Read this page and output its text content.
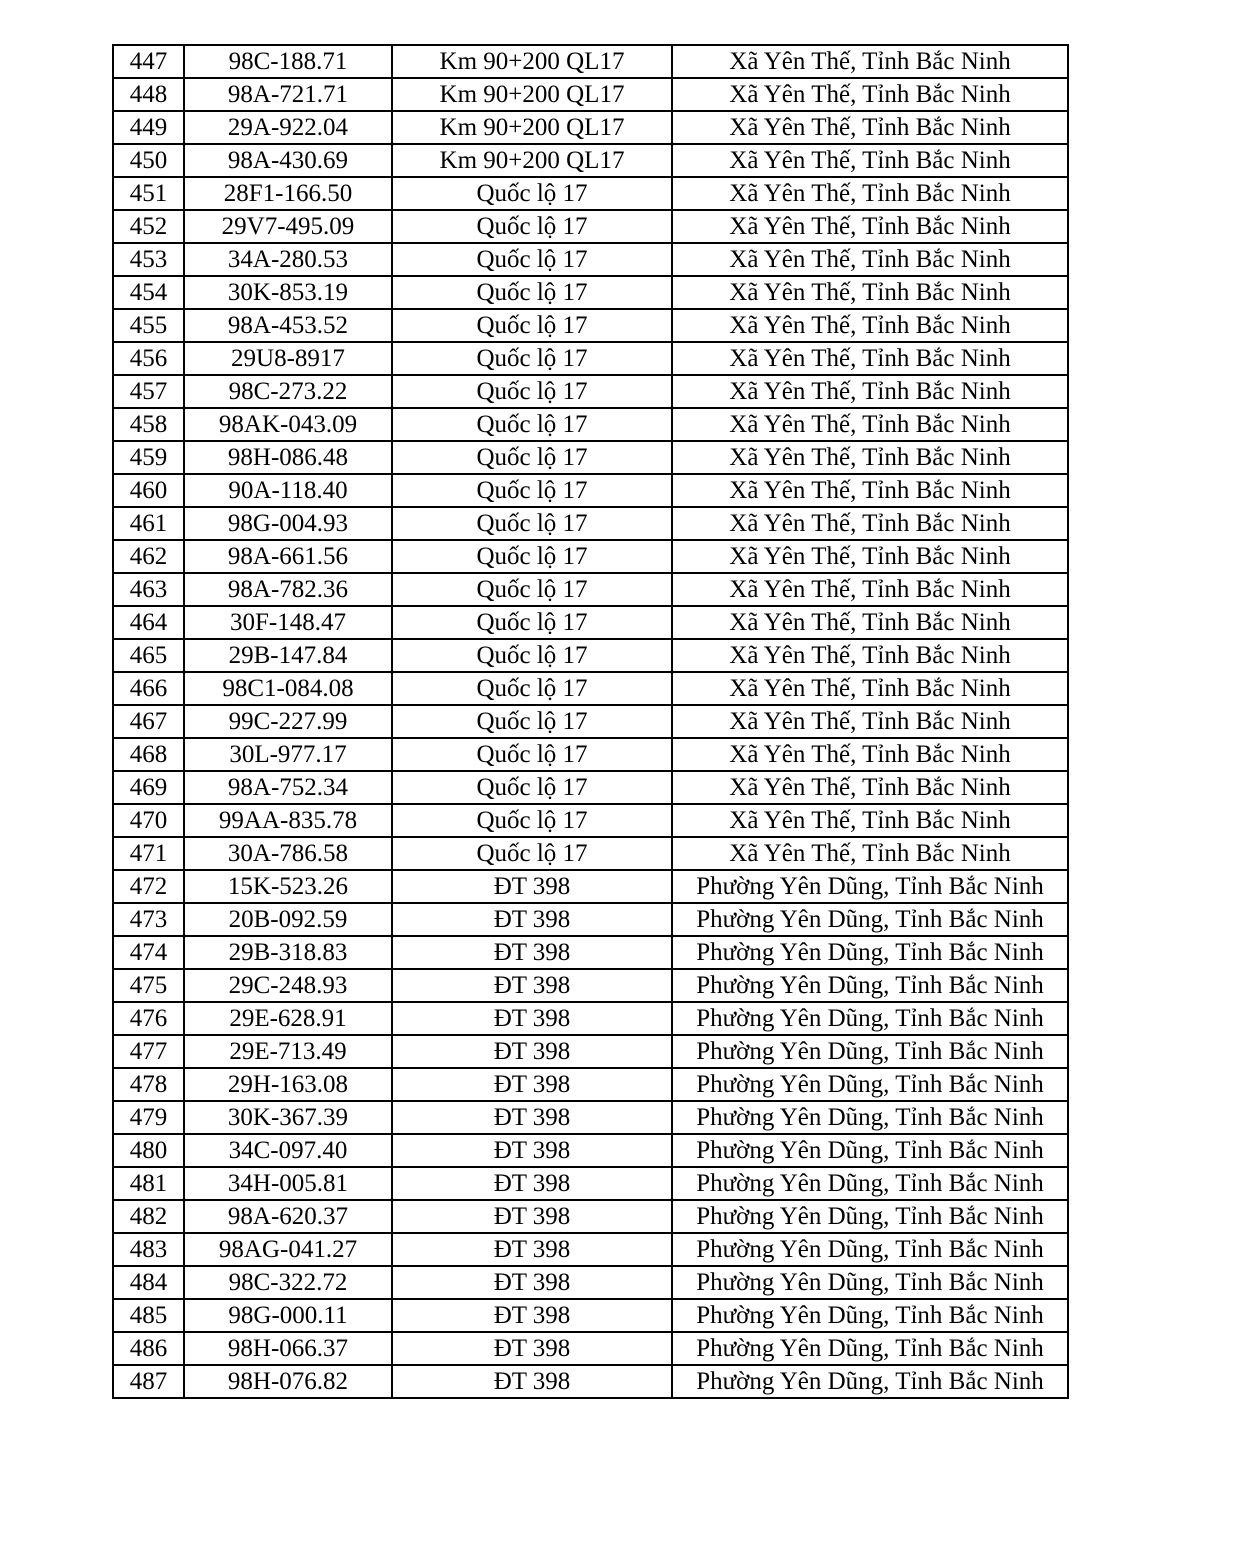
447	98C-188.71	Km 90+200 QL17	Xã Yên Thế, Tỉnh Bắc Ninh
448	98A-721.71	Km 90+200 QL17	Xã Yên Thế, Tỉnh Bắc Ninh
449	29A-922.04	Km 90+200 QL17	Xã Yên Thế, Tỉnh Bắc Ninh
450	98A-430.69	Km 90+200 QL17	Xã Yên Thế, Tỉnh Bắc Ninh
451	28F1-166.50	Quốc lộ 17	Xã Yên Thế, Tỉnh Bắc Ninh
452	29V7-495.09	Quốc lộ 17	Xã Yên Thế, Tỉnh Bắc Ninh
453	34A-280.53	Quốc lộ 17	Xã Yên Thế, Tỉnh Bắc Ninh
454	30K-853.19	Quốc lộ 17	Xã Yên Thế, Tỉnh Bắc Ninh
455	98A-453.52	Quốc lộ 17	Xã Yên Thế, Tỉnh Bắc Ninh
456	29U8-8917	Quốc lộ 17	Xã Yên Thế, Tỉnh Bắc Ninh
457	98C-273.22	Quốc lộ 17	Xã Yên Thế, Tỉnh Bắc Ninh
458	98AK-043.09	Quốc lộ 17	Xã Yên Thế, Tỉnh Bắc Ninh
459	98H-086.48	Quốc lộ 17	Xã Yên Thế, Tỉnh Bắc Ninh
460	90A-118.40	Quốc lộ 17	Xã Yên Thế, Tỉnh Bắc Ninh
461	98G-004.93	Quốc lộ 17	Xã Yên Thế, Tỉnh Bắc Ninh
462	98A-661.56	Quốc lộ 17	Xã Yên Thế, Tỉnh Bắc Ninh
463	98A-782.36	Quốc lộ 17	Xã Yên Thế, Tỉnh Bắc Ninh
464	30F-148.47	Quốc lộ 17	Xã Yên Thế, Tỉnh Bắc Ninh
465	29B-147.84	Quốc lộ 17	Xã Yên Thế, Tỉnh Bắc Ninh
466	98C1-084.08	Quốc lộ 17	Xã Yên Thế, Tỉnh Bắc Ninh
467	99C-227.99	Quốc lộ 17	Xã Yên Thế, Tỉnh Bắc Ninh
468	30L-977.17	Quốc lộ 17	Xã Yên Thế, Tỉnh Bắc Ninh
469	98A-752.34	Quốc lộ 17	Xã Yên Thế, Tỉnh Bắc Ninh
470	99AA-835.78	Quốc lộ 17	Xã Yên Thế, Tỉnh Bắc Ninh
471	30A-786.58	Quốc lộ 17	Xã Yên Thế, Tỉnh Bắc Ninh
472	15K-523.26	ĐT 398	Phường Yên Dũng, Tỉnh Bắc Ninh
473	20B-092.59	ĐT 398	Phường Yên Dũng, Tỉnh Bắc Ninh
474	29B-318.83	ĐT 398	Phường Yên Dũng, Tỉnh Bắc Ninh
475	29C-248.93	ĐT 398	Phường Yên Dũng, Tỉnh Bắc Ninh
476	29E-628.91	ĐT 398	Phường Yên Dũng, Tỉnh Bắc Ninh
477	29E-713.49	ĐT 398	Phường Yên Dũng, Tỉnh Bắc Ninh
478	29H-163.08	ĐT 398	Phường Yên Dũng, Tỉnh Bắc Ninh
479	30K-367.39	ĐT 398	Phường Yên Dũng, Tỉnh Bắc Ninh
480	34C-097.40	ĐT 398	Phường Yên Dũng, Tỉnh Bắc Ninh
481	34H-005.81	ĐT 398	Phường Yên Dũng, Tỉnh Bắc Ninh
482	98A-620.37	ĐT 398	Phường Yên Dũng, Tỉnh Bắc Ninh
483	98AG-041.27	ĐT 398	Phường Yên Dũng, Tỉnh Bắc Ninh
484	98C-322.72	ĐT 398	Phường Yên Dũng, Tỉnh Bắc Ninh
485	98G-000.11	ĐT 398	Phường Yên Dũng, Tỉnh Bắc Ninh
486	98H-066.37	ĐT 398	Phường Yên Dũng, Tỉnh Bắc Ninh
487	98H-076.82	ĐT 398	Phường Yên Dũng, Tỉnh Bắc Ninh
